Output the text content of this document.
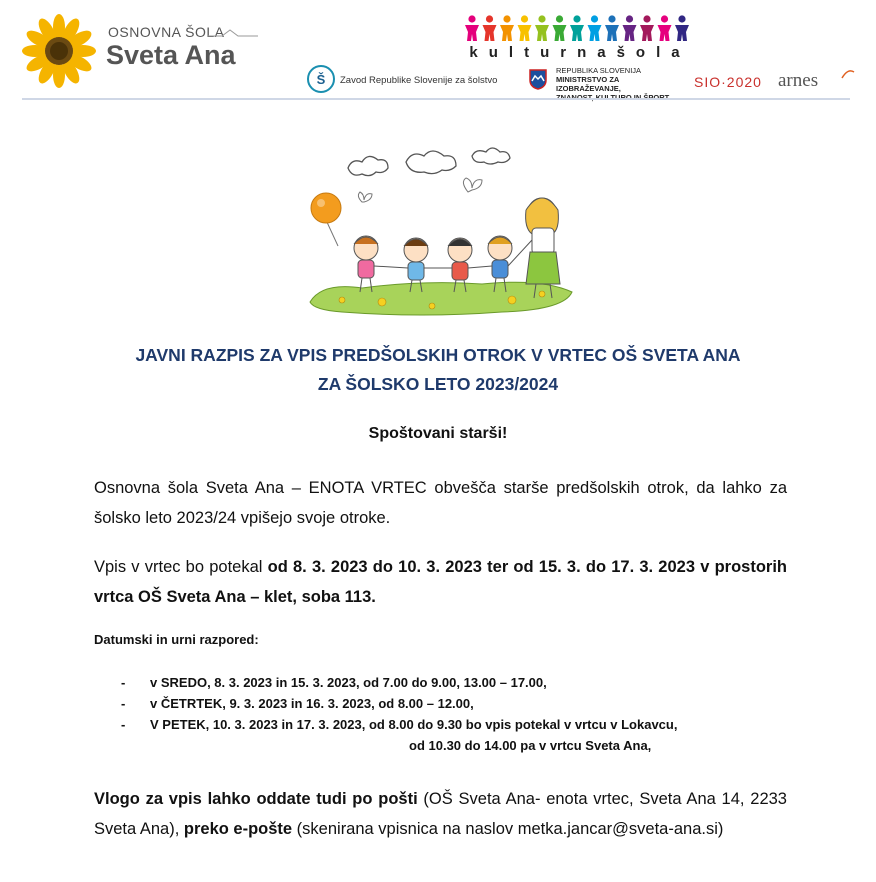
OSNOVNA ŠOLA
Sveta Ana	kulturnašola
Š Zavod Republike Slovenije za šolstvo
REPUBLIKA SLOVENIJA
MINISTRSTVO ZA IZOBRAŽEVANJE,	SIO·2020 arnes
JAVNI RAZPIS ZA VPIS PREDŠOLSKIH OTROK V VRTEC OŠ SVETA ANA
ZA ŠOLSKO LETO 2023/2024
Spoštovani starši!
Osnovna šola Sveta Ana – ENOTA VRTEC obvešča starše predšolskih otrok, da lahko za šolsko leto 2023/24 vpišejo svoje otroke.
Vpis v vrtec bo potekal od 8. 3. 2023 do 10. 3. 2023 ter od 15. 3. do 17. 3. 2023 v prostorih vrtca OŠ Sveta Ana – klet, soba 113.
Datumski in urni razpored:
- v SREDO, 8. 3. 2023 in 15. 3. 2023, od 7.00 do 9.00, 13.00 – 17.00,
- v ČETRTEK, 9. 3. 2023 in 16. 3. 2023, od 8.00 – 12.00,
- V PETEK, 10. 3. 2023 in 17. 3. 2023, od 8.00 do 9.30 bo vpis potekal v vrtcu v Lokavcu,
od 10.30 do 14.00 pa v vrtcu Sveta Ana,
Vlogo za vpis lahko oddate tudi po pošti (OŠ Sveta Ana- enota vrtec, Sveta Ana 14, 2233 Sveta Ana), preko e-pošte (skenirana vpisnica na naslov metka.jancar@sveta-ana.si)
